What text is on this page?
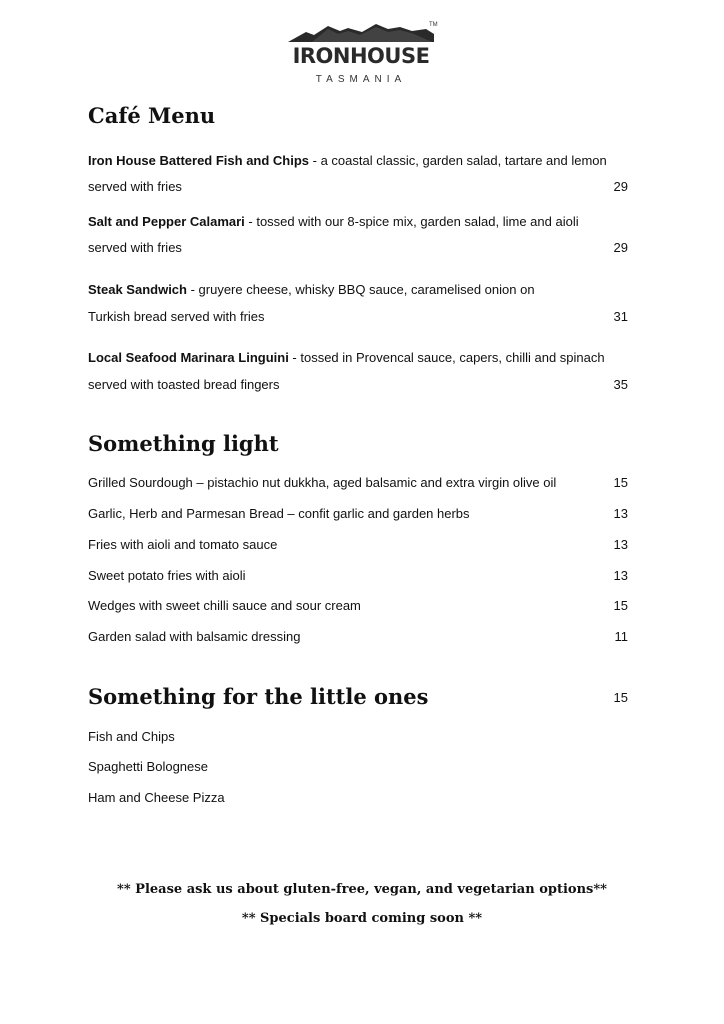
TM
IRONHOUSE
TASMANIA
Café Menu
Iron House Battered Fish and Chips - a coastal classic, garden salad, tartare and lemon
served with fries	29
Salt and Pepper Calamari - tossed with our 8-spice mix, garden salad, lime and aioli
served with fries	29
Steak Sandwich - gruyere cheese, whisky BBQ sauce, caramelised onion on
Turkish bread served with fries	31
Local Seafood Marinara Linguini - tossed in Provencal sauce, capers, chilli and spinach
served with toasted bread fingers	35
Something light
Grilled Sourdough – pistachio nut dukkha, aged balsamic and extra virgin olive oil	15
Garlic, Herb and Parmesan Bread – confit garlic and garden herbs	13
Fries with aioli and tomato sauce	13
Sweet potato fries with aioli	13
Wedges with sweet chilli sauce and sour cream	15
Garden salad with balsamic dressing	11
Something for the little ones	15
Fish and Chips
Spaghetti Bolognese
Ham and Cheese Pizza
** Please ask us about gluten-free, vegan, and vegetarian options**
** Specials board coming soon **
